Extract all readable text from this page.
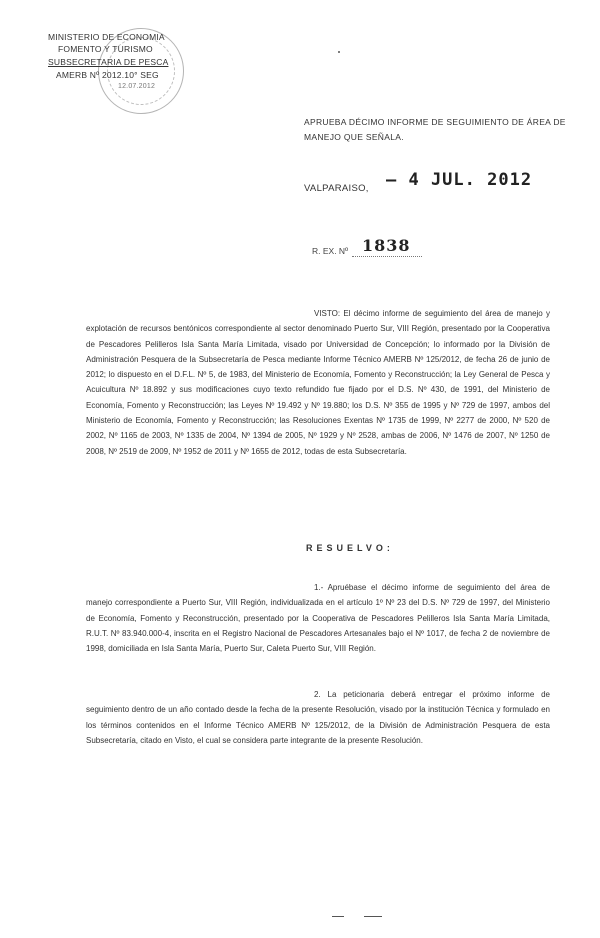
MINISTERIO DE ECONOMIA
FOMENTO Y TURISMO
SUBSECRETARIA DE PESCA
AMERB Nº 2012.10° SEG
12.07.2012
APRUEBA DÉCIMO INFORME DE SEGUIMIENTO DE ÁREA DE MANEJO QUE SEÑALA.
VALPARAISO, – 4 JUL. 2012
R. EX. Nº 1838
VISTO: El décimo informe de seguimiento del área de manejo y explotación de recursos bentónicos correspondiente al sector denominado Puerto Sur, VIII Región, presentado por la Cooperativa de Pescadores Pelilleros Isla Santa María Limitada, visado por Universidad de Concepción; lo informado por la División de Administración Pesquera de la Subsecretaría de Pesca mediante Informe Técnico AMERB Nº 125/2012, de fecha 26 de junio de 2012; lo dispuesto en el D.F.L. Nº 5, de 1983, del Ministerio de Economía, Fomento y Reconstrucción; la Ley General de Pesca y Acuicultura Nº 18.892 y sus modificaciones cuyo texto refundido fue fijado por el D.S. Nº 430, de 1991, del Ministerio de Economía, Fomento y Reconstrucción; las Leyes Nº 19.492 y Nº 19.880; los D.S. Nº 355 de 1995 y Nº 729 de 1997, ambos del Ministerio de Economía, Fomento y Reconstrucción; las Resoluciones Exentas Nº 1735 de 1999, Nº 2277 de 2000, Nº 520 de 2002, Nº 1165 de 2003, Nº 1335 de 2004, Nº 1394 de 2005, Nº 1929 y Nº 2528, ambas de 2006, Nº 1476 de 2007, Nº 1250 de 2008, Nº 2519 de 2009, Nº 1952 de 2011 y Nº 1655 de 2012, todas de esta Subsecretaría.
RESUELVO:
1.- Apruébase el décimo informe de seguimiento del área de manejo correspondiente a Puerto Sur, VIII Región, individualizada en el artículo 1º Nº 23 del D.S. Nº 729 de 1997, del Ministerio de Economía, Fomento y Reconstrucción, presentado por la Cooperativa de Pescadores Pelilleros Isla Santa María Limitada, R.U.T. Nº 83.940.000-4, inscrita en el Registro Nacional de Pescadores Artesanales bajo el Nº 1017, de fecha 2 de noviembre de 1998, domiciliada en Isla Santa María, Puerto Sur, Caleta Puerto Sur, VIII Región.
2. La peticionaria deberá entregar el próximo informe de seguimiento dentro de un año contado desde la fecha de la presente Resolución, visado por la institución Técnica y formulado en los términos contenidos en el Informe Técnico AMERB Nº 125/2012, de la División de Administración Pesquera de esta Subsecretaría, citado en Visto, el cual se considera parte integrante de la presente Resolución.
